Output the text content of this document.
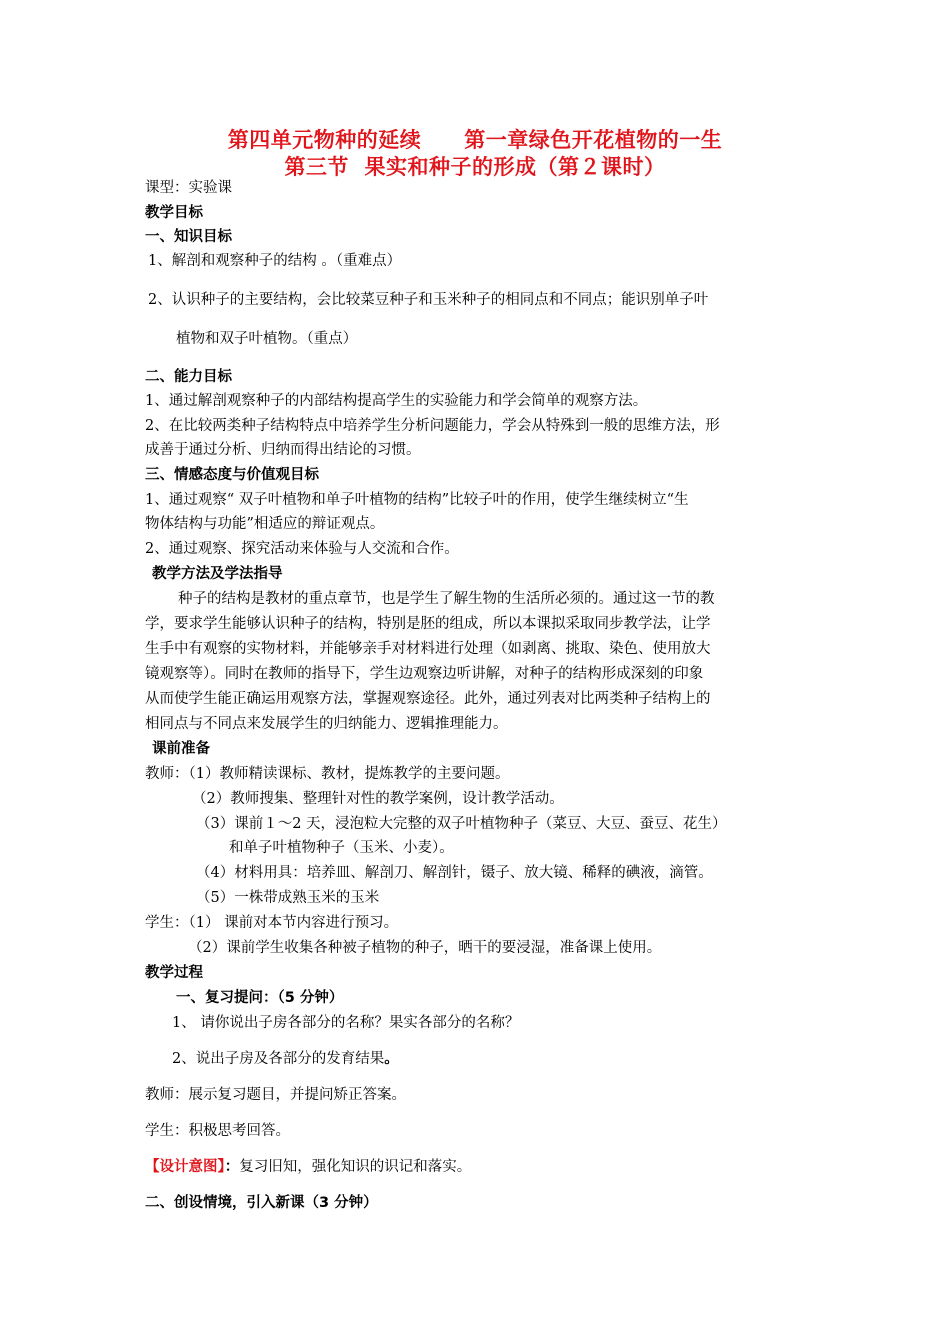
第四单元物种的延续　　第一章绿色开花植物的一生
第三节  果实和种子的形成（第２课时）
课型：实验课
教学目标
一、知识目标
1、解剖和观察种子的结构 。（重难点）
2、认识种子的主要结构，会比较菜豆种子和玉米种子的相同点和不同点；能识别单子叶
植物和双子叶植物。（重点）
二、能力目标
1、通过解剖观察种子的内部结构提高学生的实验能力和学会简单的观察方法。
2、在比较两类种子结构特点中培养学生分析问题能力，学会从特殊到一般的思维方法，形
成善于通过分析、归纳而得出结论的习惯。
三、情感态度与价值观目标
1、通过观察“ 双子叶植物和单子叶植物的结构”比较子叶的作用，使学生继续树立“生
物体结构与功能”相适应的辩证观点。
2、通过观察、探究活动来体验与人交流和合作。
教学方法及学法指导
种子的结构是教材的重点章节，也是学生了解生物的生活所必须的。通过这一节的教
学，要求学生能够认识种子的结构，特别是胚的组成，所以本课拟采取同步教学法，让学
生手中有观察的实物材料，并能够亲手对材料进行处理（如剥离、挑取、染色、使用放大
镜观察等）。同时在教师的指导下，学生边观察边听讲解，对种子的结构形成深刻的印象
从而使学生能正确运用观察方法，掌握观察途径。此外，通过列表对比两类种子结构上的
相同点与不同点来发展学生的归纳能力、逻辑推理能力。
课前准备
教师：（1）教师精读课标、教材，提炼教学的主要问题。
（2）教师搜集、整理针对性的教学案例，设计教学活动。
（3）课前１～2 天，浸泡粒大完整的双子叶植物种子（菜豆、大豆、蚕豆、花生）
和单子叶植物种子（玉米、小麦）。
（4）材料用具：培养皿、解剖刀、解剖针，镊子、放大镜、稀释的碘液，滴管。
（5）一株带成熟玉米的玉米
学生：（1） 课前对本节内容进行预习。
（2）课前学生收集各种被子植物的种子，晒干的要浸湿，准备课上使用。
教学过程
一、复习提问：（5 分钟）
1、 请你说出子房各部分的名称？果实各部分的名称？
2、说出子房及各部分的发育结果。
教师：展示复习题目，并提问矫正答案。
学生：积极思考回答。
【设计意图】：复习旧知，强化知识的识记和落实。
二、创设情境，引入新课（3 分钟）
